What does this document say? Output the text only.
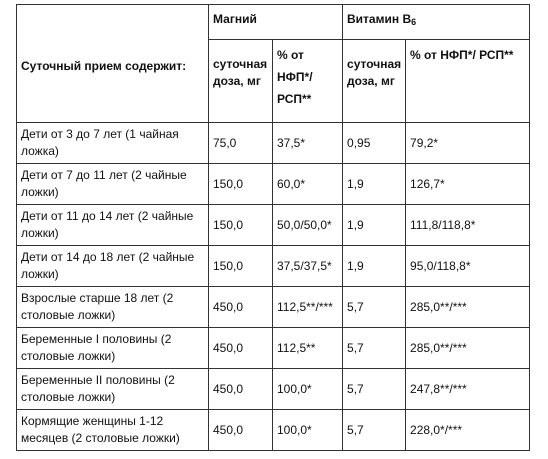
Суточный прием содержит:	Магний		Витамин $B_6$
	суточная доза, мг	% от НФП*/ РСП**	суточная доза, мг	% от НФП*/ РСП**
Дети от 3 до 7 лет (1 чайная ложка)	75,0	37,5*	0,95	79,2*
Дети от 7 до 11 лет (2 чайные ложки)	150,0	60,0*	1,9	126,7*
Дети от 11 до 14 лет (2 чайные ложки)	150,0	50,0/50,0*	1,9	111,8/118,8*
Дети от 14 до 18 лет (2 чайные ложки)	150,0	37,5/37,5*	1,9	95,0/118,8*
Взрослые старше 18 лет (2 столовые ложки)	450,0	112,5**/***	5,7	285,0**/***
Беременные I половины (2 столовые ложки)	450,0	112,5**	5,7	285,0**/***
Беременные II половины (2 столовые ложки)	450,0	100,0*	5,7	247,8**/***
Кормящие женщины 1-12 месяцев (2 столовые ложки)	450,0	100,0*	5,7	228,0*/***
